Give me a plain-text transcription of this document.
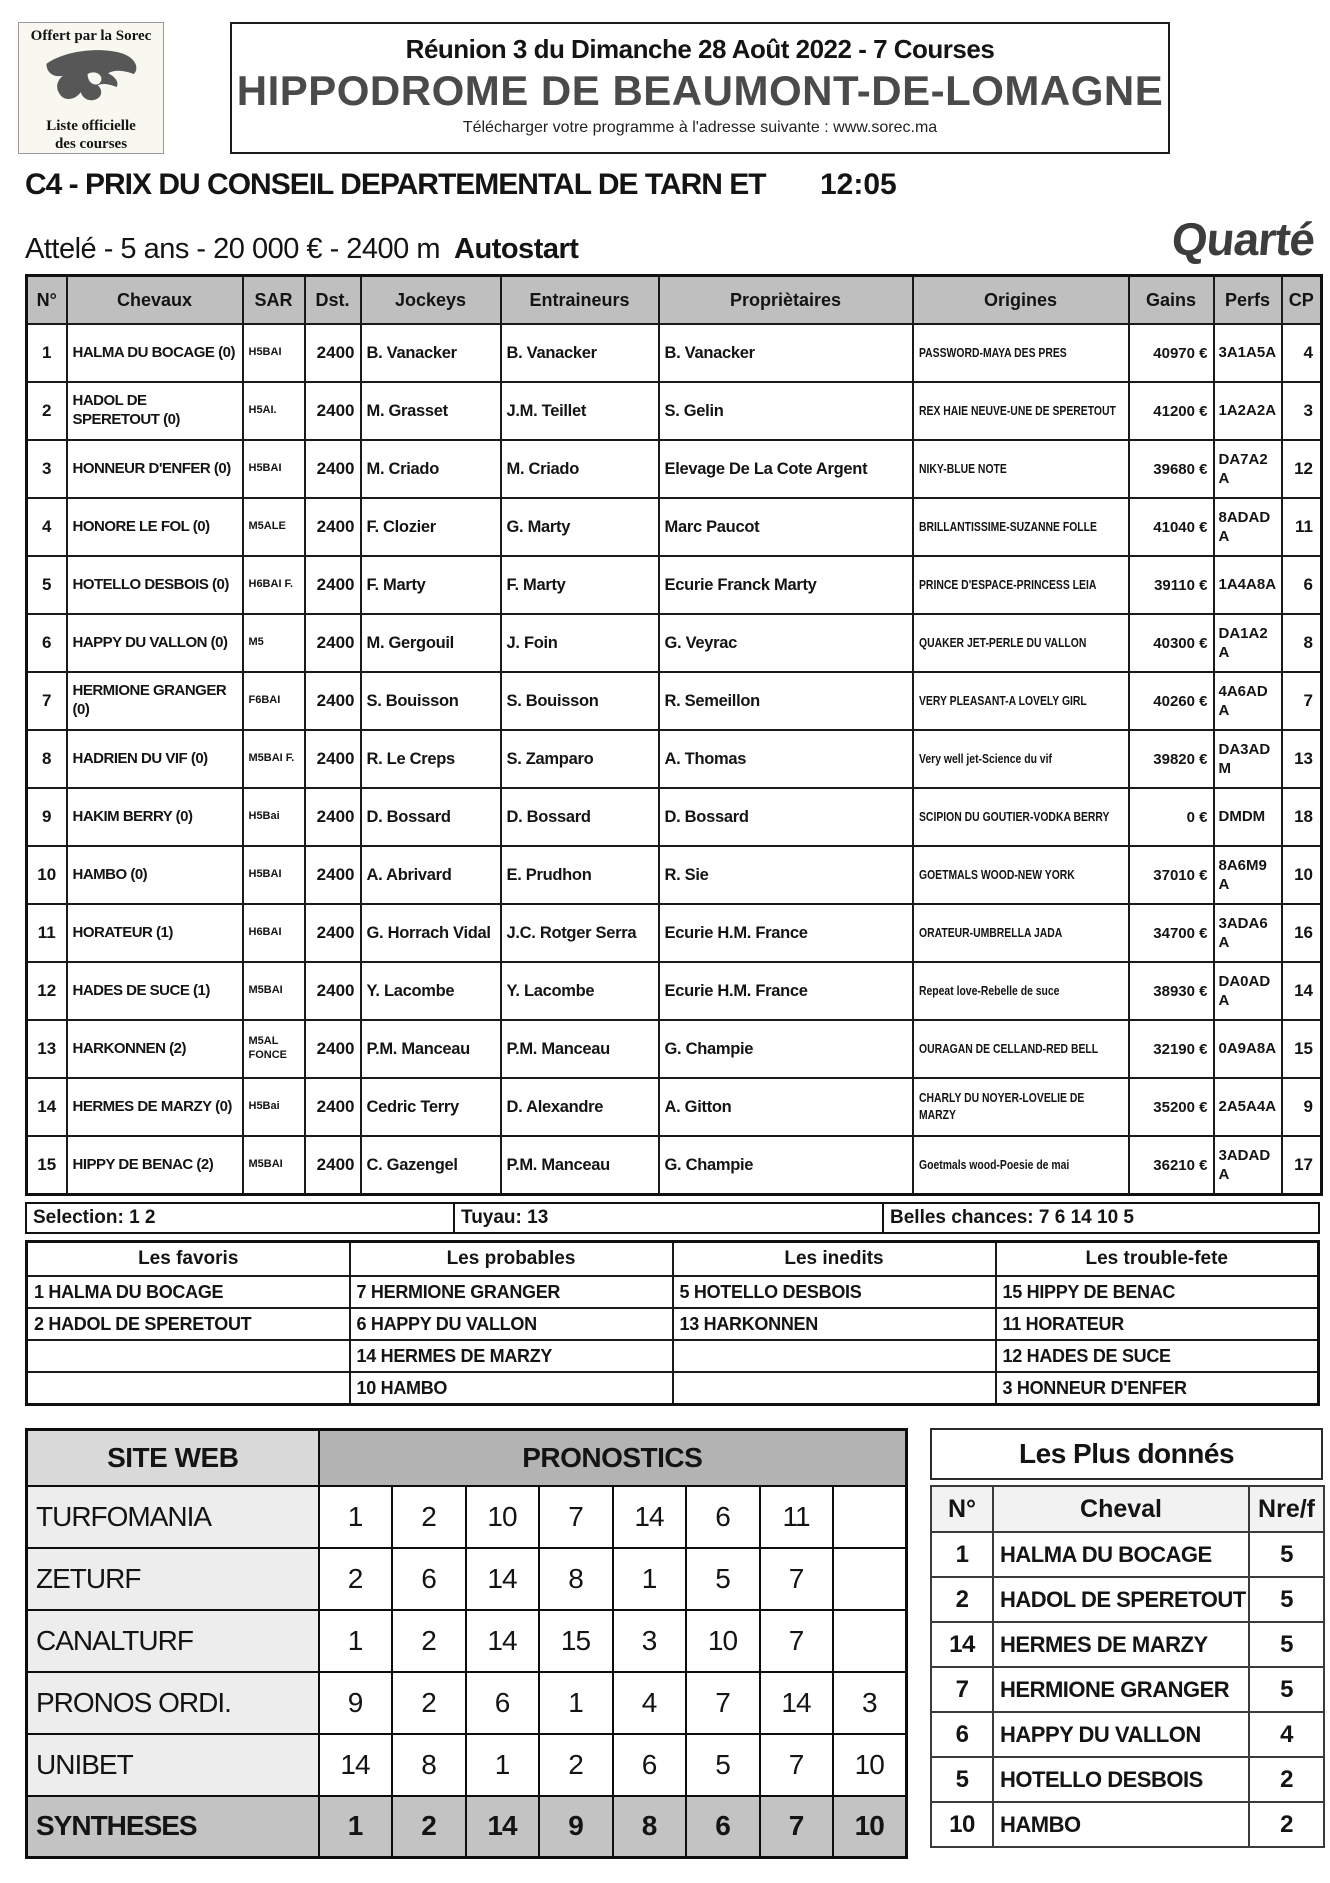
Offert par la Sorec
Liste officielle
des courses
Réunion 3 du Dimanche 28 Août 2022 - 7 Courses
HIPPODROME DE BEAUMONT-DE-LOMAGNE
Télécharger votre programme à l'adresse suivante : www.sorec.ma
C4 - PRIX DU CONSEIL DEPARTEMENTAL DE TARN ET 12:05
Attelé - 5 ans - 20 000 € - 2400 m Autostart	Quarté
N°	Chevaux	SAR	Dst.	Jockeys	Entraineurs	Propriètaires	Origines	Gains	Perfs	CP
1	HALMA DU BOCAGE (0)	H5BAI	2400	B. Vanacker	B. Vanacker	B. Vanacker	PASSWORD-MAYA DES PRES	40970 €	3A1A5A	4
2	HADOL DE SPERETOUT (0)	H5AI.	2400	M. Grasset	J.M. Teillet	S. Gelin	REX HAIE NEUVE-UNE DE SPERETOUT	41200 €	1A2A2A	3
3	HONNEUR D'ENFER (0)	H5BAI	2400	M. Criado	M. Criado	Elevage De La Cote Argent	NIKY-BLUE NOTE	39680 €	DA7A2A	12
4	HONORE LE FOL (0)	M5ALE	2400	F. Clozier	G. Marty	Marc Paucot	BRILLANTISSIME-SUZANNE FOLLE	41040 €	8ADADA	11
5	HOTELLO DESBOIS (0)	H6BAI F.	2400	F. Marty	F. Marty	Ecurie Franck Marty	PRINCE D'ESPACE-PRINCESS LEIA	39110 €	1A4A8A	6
6	HAPPY DU VALLON (0)	M5	2400	M. Gergouil	J. Foin	G. Veyrac	QUAKER JET-PERLE DU VALLON	40300 €	DA1A2A	8
7	HERMIONE GRANGER (0)	F6BAI	2400	S. Bouisson	S. Bouisson	R. Semeillon	VERY PLEASANT-A LOVELY GIRL	40260 €	4A6ADA	7
8	HADRIEN DU VIF (0)	M5BAI F.	2400	R. Le Creps	S. Zamparo	A. Thomas	Very well jet-Science du vif	39820 €	DA3ADM	13
9	HAKIM BERRY (0)	H5Bai	2400	D. Bossard	D. Bossard	D. Bossard	SCIPION DU GOUTIER-VODKA BERRY	0 €	DMDM	18
10	HAMBO (0)	H5BAI	2400	A. Abrivard	E. Prudhon	R. Sie	GOETMALS WOOD-NEW YORK	37010 €	8A6M9A	10
11	HORATEUR (1)	H6BAI	2400	G. Horrach Vidal	J.C. Rotger Serra	Ecurie H.M. France	ORATEUR-UMBRELLA JADA	34700 €	3ADA6A	16
12	HADES DE SUCE (1)	M5BAI	2400	Y. Lacombe	Y. Lacombe	Ecurie H.M. France	Repeat love-Rebelle de suce	38930 €	DA0ADA	14
13	HARKONNEN (2)	M5AL FONCE	2400	P.M. Manceau	P.M. Manceau	G. Champie	OURAGAN DE CELLAND-RED BELL	32190 €	0A9A8A	15
14	HERMES DE MARZY (0)	H5Bai	2400	Cedric Terry	D. Alexandre	A. Gitton	CHARLY DU NOYER-LOVELIE DE MARZY	35200 €	2A5A4A	9
15	HIPPY DE BENAC (2)	M5BAI	2400	C. Gazengel	P.M. Manceau	G. Champie	Goetmals wood-Poesie de mai	36210 €	3ADADA	17
Selection: 1 2	Tuyau: 13	Belles chances: 7 6 14 10 5
Les favoris	Les probables	Les inedits	Les trouble-fete
1 HALMA DU BOCAGE	7 HERMIONE GRANGER	5 HOTELLO DESBOIS	15 HIPPY DE BENAC
2 HADOL DE SPERETOUT	6 HAPPY DU VALLON	13 HARKONNEN	11 HORATEUR
	14 HERMES DE MARZY		12 HADES DE SUCE
	10 HAMBO		3 HONNEUR D'ENFER
SITE WEB	PRONOSTICS							
TURFOMANIA	1	2	10	7	14	6	11	
ZETURF	2	6	14	8	1	5	7	
CANALTURF	1	2	14	15	3	10	7	
PRONOS ORDI.	9	2	6	1	4	7	14	3
UNIBET	14	8	1	2	6	5	7	10
SYNTHESES	1	2	14	9	8	6	7	10
Les Plus donnés
N°	Cheval	Nre/f
1	HALMA DU BOCAGE	5
2	HADOL DE SPERETOUT	5
14	HERMES DE MARZY	5
7	HERMIONE GRANGER	5
6	HAPPY DU VALLON	4
5	HOTELLO DESBOIS	2
10	HAMBO	2
